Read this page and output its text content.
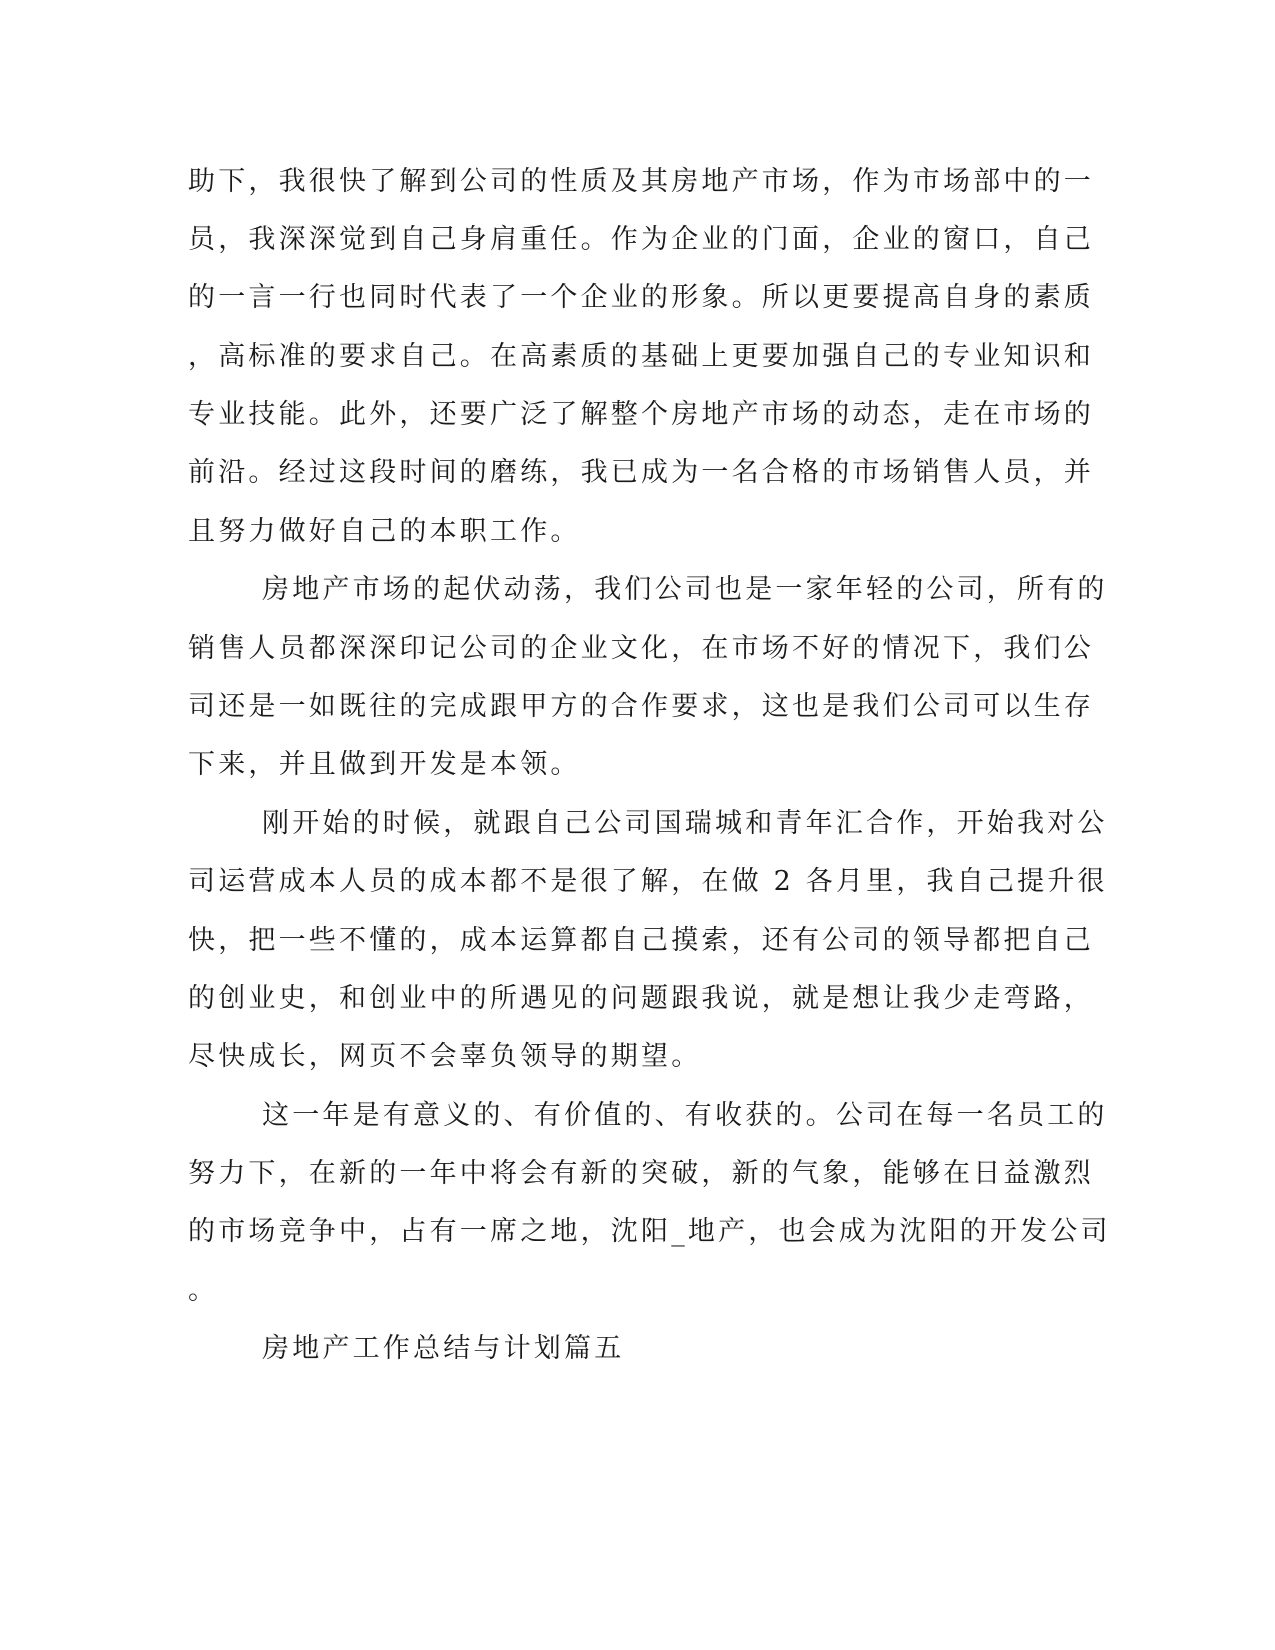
助下，我很快了解到公司的性质及其房地产市场，作为市场部中的一
员，我深深觉到自己身肩重任。作为企业的门面，企业的窗口，自己
的一言一行也同时代表了一个企业的形象。所以更要提高自身的素质
，高标准的要求自己。在高素质的基础上更要加强自己的专业知识和
专业技能。此外，还要广泛了解整个房地产市场的动态，走在市场的
前沿。经过这段时间的磨练，我已成为一名合格的市场销售人员，并
且努力做好自己的本职工作。
房地产市场的起伏动荡，我们公司也是一家年轻的公司，所有的
销售人员都深深印记公司的企业文化，在市场不好的情况下，我们公
司还是一如既往的完成跟甲方的合作要求，这也是我们公司可以生存
下来，并且做到开发是本领。
刚开始的时候，就跟自己公司国瑞城和青年汇合作，开始我对公
司运营成本人员的成本都不是很了解，在做 2 各月里，我自己提升很
快，把一些不懂的，成本运算都自己摸索，还有公司的领导都把自己
的创业史，和创业中的所遇见的问题跟我说，就是想让我少走弯路，
尽快成长，网页不会辜负领导的期望。
这一年是有意义的、有价值的、有收获的。公司在每一名员工的
努力下，在新的一年中将会有新的突破，新的气象，能够在日益激烈
的市场竞争中，占有一席之地，沈阳_地产，也会成为沈阳的开发公司
。
房地产工作总结与计划篇五
